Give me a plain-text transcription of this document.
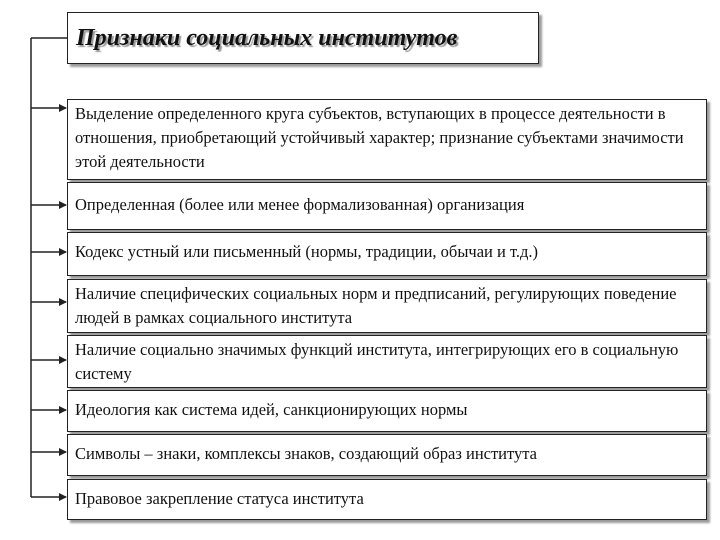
Признаки социальных институтов
Выделение определенного круга субъектов, вступающих в процессе деятельности в отношения, приобретающий устойчивый характер; признание субъектами значимости этой деятельности
Определенная (более или менее формализованная) организация
Кодекс устный или письменный (нормы, традиции, обычаи и т.д.)
Наличие специфических социальных норм и предписаний, регулирующих поведение людей в рамках социального института
Наличие социально значимых функций института, интегрирующих его в социальную систему
Идеология как система идей, санкционирующих нормы
Символы – знаки, комплексы знаков, создающий образ института
Правовое закрепление статуса института
